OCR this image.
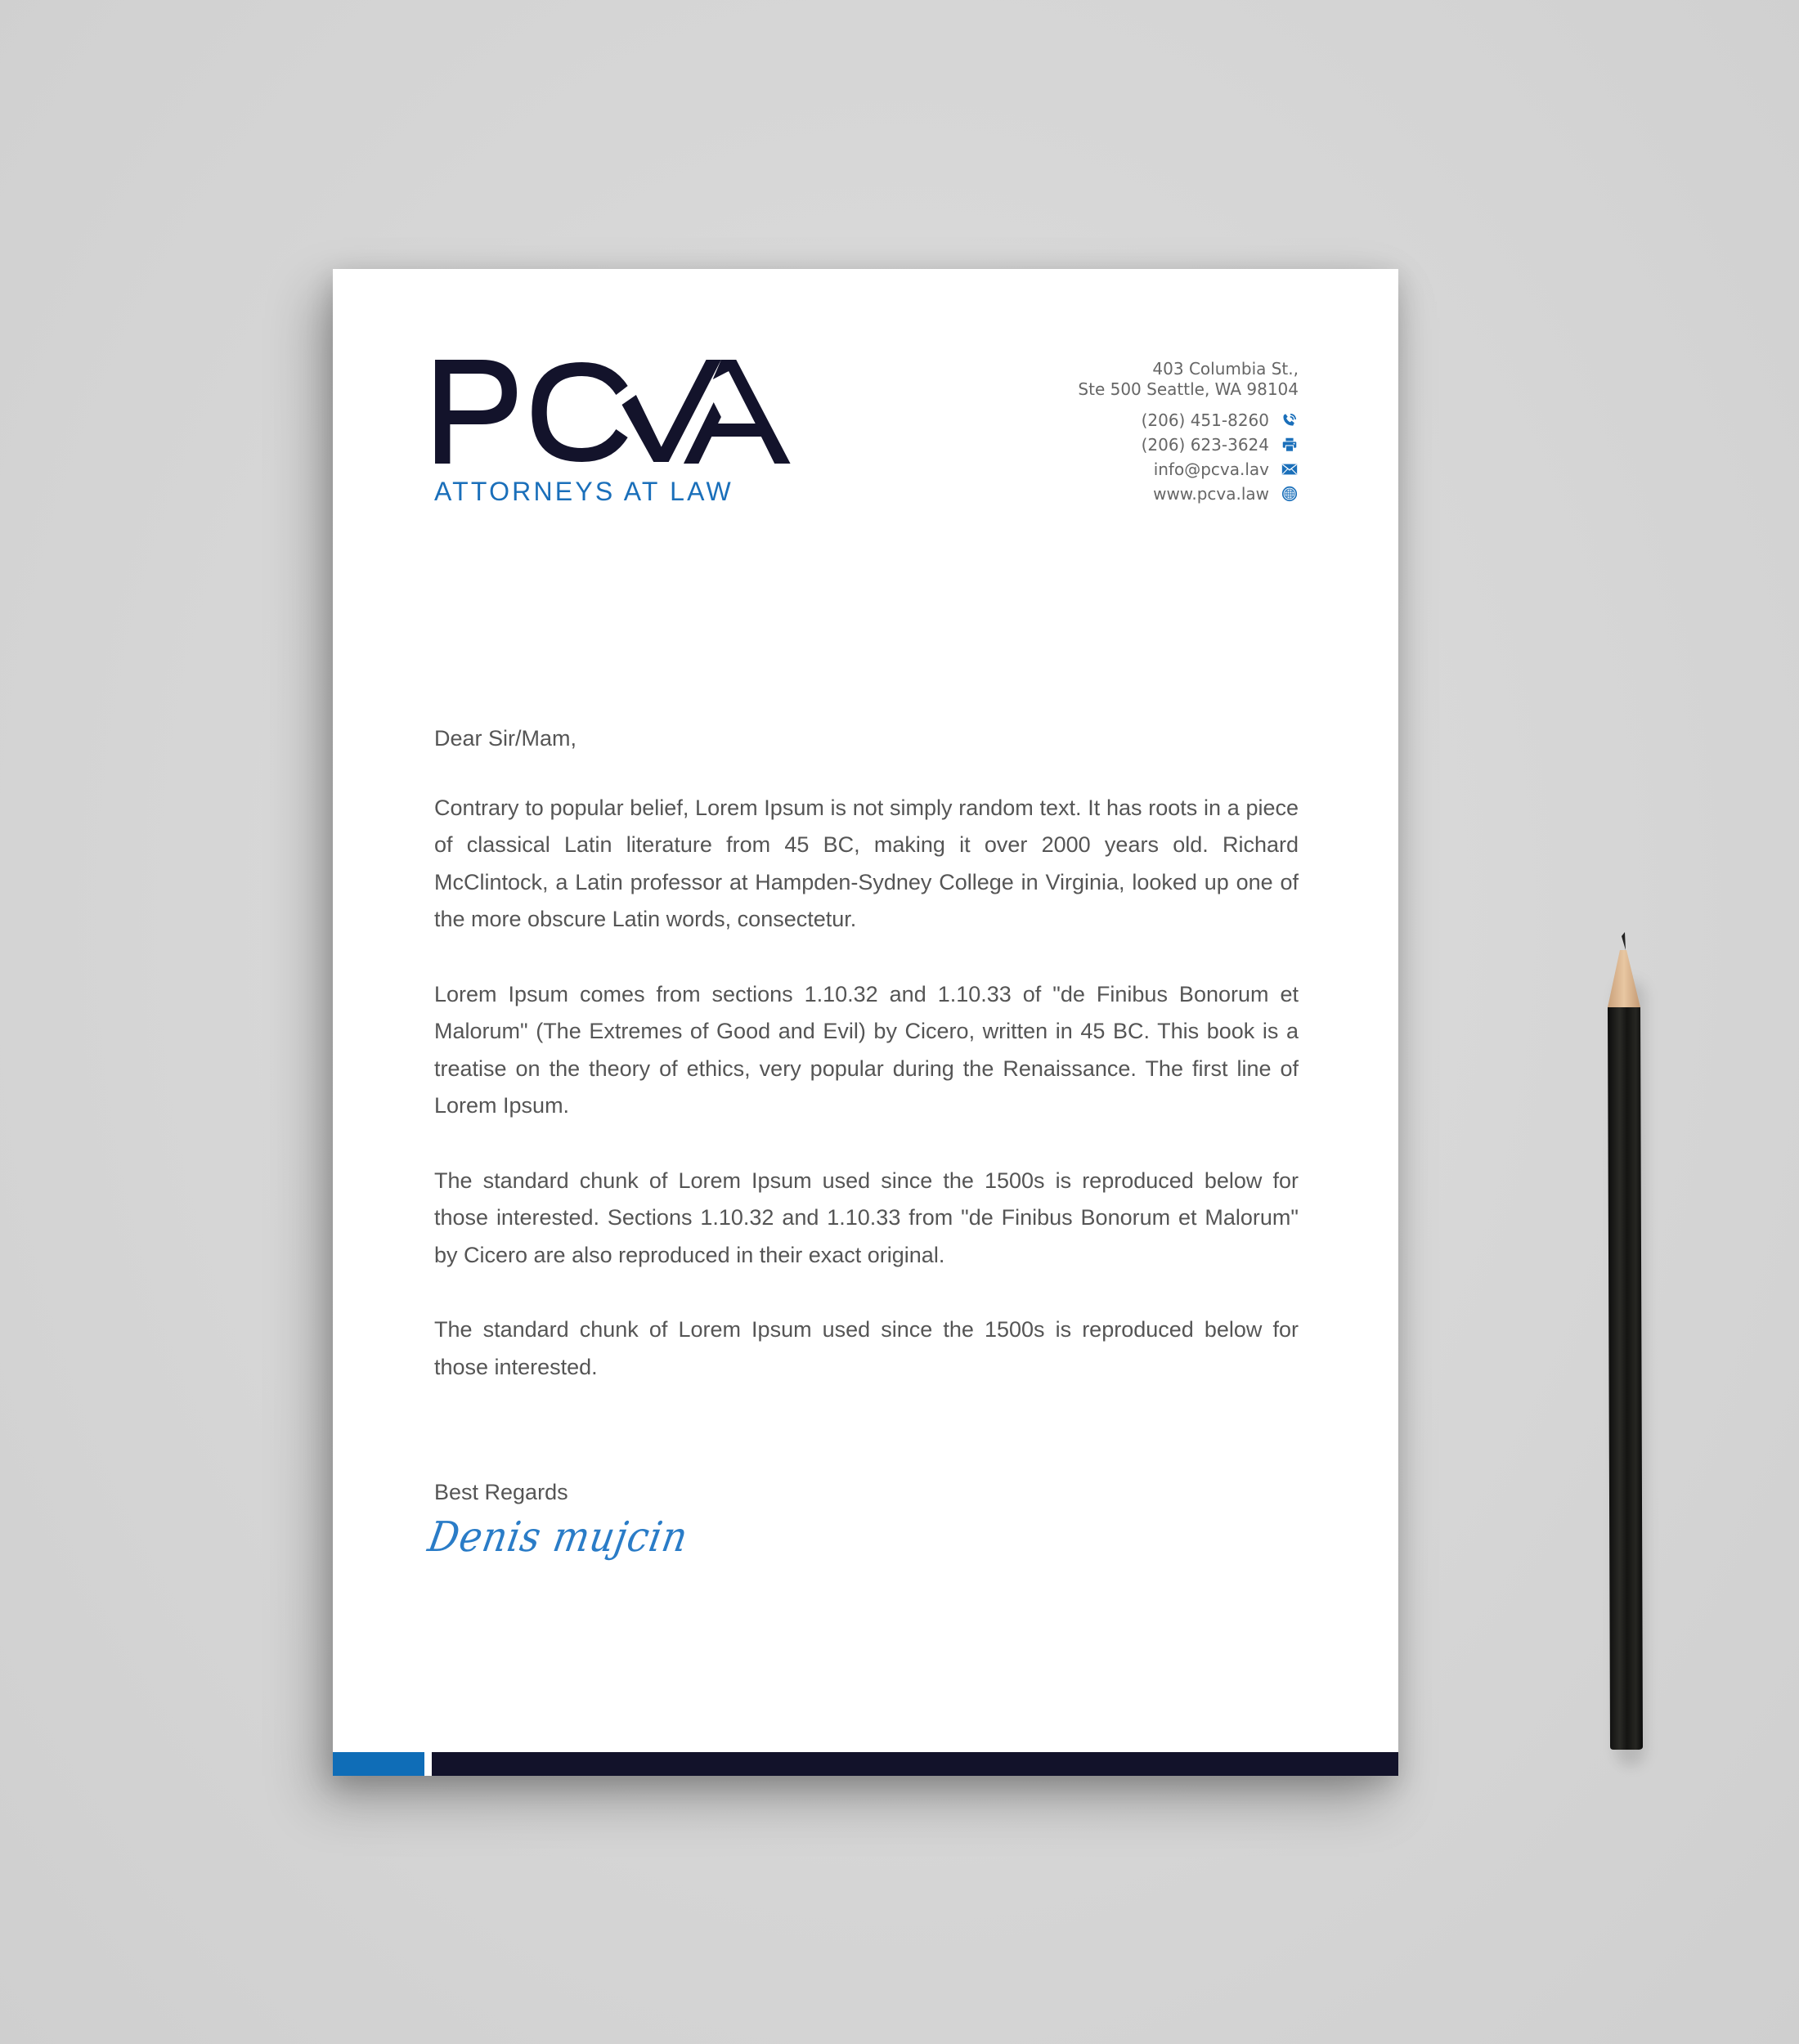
ATTORNEYS AT LAW
403 Columbia St.,
Ste 500 Seattle, WA 98104
(206) 451-8260
(206) 623-3624
info@pcva.lav
www.pcva.law

Dear Sir/Mam,

Contrary to popular belief, Lorem Ipsum is not simply random text. It has roots in a piece of classical Latin literature from 45 BC, making it over 2000 years old. Richard McClintock, a Latin professor at Hampden-Sydney College in Virginia, looked up one of the more obscure Latin words, consectetur.

Lorem Ipsum comes from sections 1.10.32 and 1.10.33 of "de Finibus Bonorum et Malorum" (The Extremes of Good and Evil) by Cicero, written in 45 BC. This book is a treatise on the theory of ethics, very popular during the Renaissance. The first line of Lorem Ipsum.

The standard chunk of Lorem Ipsum used since the 1500s is reproduced below for those interested. Sections 1.10.32 and 1.10.33 from "de Finibus Bonorum et Malorum" by Cicero are also reproduced in their exact original.

The standard chunk of Lorem Ipsum used since the 1500s is reproduced below for those interested.

Best Regards
Denis mujcin
